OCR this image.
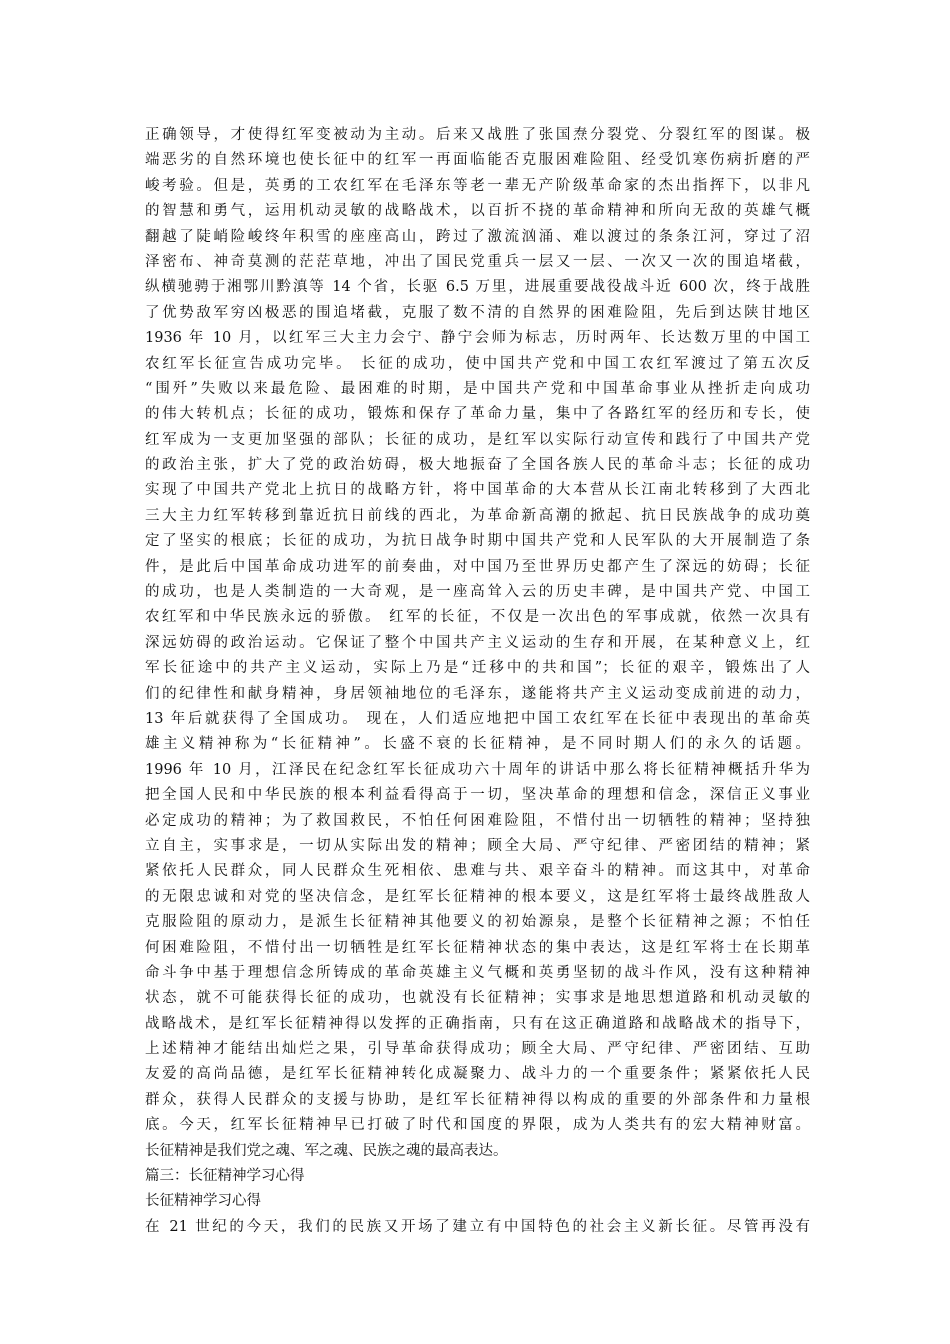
正确领导，才使得红军变被动为主动。后来又战胜了张国焘分裂党、分裂红军的图谋。极
端恶劣的自然环境也使长征中的红军一再面临能否克服困难险阻、经受饥寒伤病折磨的严
峻考验。但是，英勇的工农红军在毛泽东等老一辈无产阶级革命家的杰出指挥下，以非凡
的智慧和勇气，运用机动灵敏的战略战术，以百折不挠的革命精神和所向无敌的英雄气概
翻越了陡峭险峻终年积雪的座座高山，跨过了激流汹涌、难以渡过的条条江河，穿过了沼
泽密布、神奇莫测的茫茫草地，冲出了国民党重兵一层又一层、一次又一次的围追堵截，
纵横驰骋于湘鄂川黔滇等 14 个省，长驱 6.5 万里，进展重要战役战斗近 600 次，终于战胜
了优势敌军穷凶极恶的围追堵截，克服了数不清的自然界的困难险阻，先后到达陕甘地区
1936 年 10 月，以红军三大主力会宁、静宁会师为标志，历时两年、长达数万里的中国工
农红军长征宣告成功完毕。 长征的成功，使中国共产党和中国工农红军渡过了第五次反
“围歼”失败以来最危险、最困难的时期，是中国共产党和中国革命事业从挫折走向成功
的伟大转机点；长征的成功，锻炼和保存了革命力量，集中了各路红军的经历和专长，使
红军成为一支更加坚强的部队；长征的成功，是红军以实际行动宣传和践行了中国共产党
的政治主张，扩大了党的政治妨碍，极大地振奋了全国各族人民的革命斗志；长征的成功
实现了中国共产党北上抗日的战略方针，将中国革命的大本营从长江南北转移到了大西北
三大主力红军转移到靠近抗日前线的西北，为革命新高潮的掀起、抗日民族战争的成功奠
定了坚实的根底；长征的成功，为抗日战争时期中国共产党和人民军队的大开展制造了条
件，是此后中国革命成功进军的前奏曲，对中国乃至世界历史都产生了深远的妨碍；长征
的成功，也是人类制造的一大奇观，是一座高耸入云的历史丰碑，是中国共产党、中国工
农红军和中华民族永远的骄傲。 红军的长征，不仅是一次出色的军事成就，依然一次具有
深远妨碍的政治运动。它保证了整个中国共产主义运动的生存和开展，在某种意义上，红
军长征途中的共产主义运动，实际上乃是“迁移中的共和国”；长征的艰辛，锻炼出了人
们的纪律性和献身精神，身居领袖地位的毛泽东，遂能将共产主义运动变成前进的动力，
13 年后就获得了全国成功。 现在，人们适应地把中国工农红军在长征中表现出的革命英
雄主义精神称为“长征精神”。长盛不衰的长征精神，是不同时期人们的永久的话题。
1996 年 10 月，江泽民在纪念红军长征成功六十周年的讲话中那么将长征精神概括升华为
把全国人民和中华民族的根本利益看得高于一切，坚决革命的理想和信念，深信正义事业
必定成功的精神；为了救国救民，不怕任何困难险阻，不惜付出一切牺牲的精神；坚持独
立自主，实事求是，一切从实际出发的精神；顾全大局、严守纪律、严密团结的精神；紧
紧依托人民群众，同人民群众生死相依、患难与共、艰辛奋斗的精神。而这其中，对革命
的无限忠诚和对党的坚决信念，是红军长征精神的根本要义，这是红军将士最终战胜敌人
克服险阻的原动力，是派生长征精神其他要义的初始源泉，是整个长征精神之源；不怕任
何困难险阻，不惜付出一切牺牲是红军长征精神状态的集中表达，这是红军将士在长期革
命斗争中基于理想信念所铸成的革命英雄主义气概和英勇坚韧的战斗作风，没有这种精神
状态，就不可能获得长征的成功，也就没有长征精神；实事求是地思想道路和机动灵敏的
战略战术，是红军长征精神得以发挥的正确指南，只有在这正确道路和战略战术的指导下，
上述精神才能结出灿烂之果，引导革命获得成功；顾全大局、严守纪律、严密团结、互助
友爱的高尚品德，是红军长征精神转化成凝聚力、战斗力的一个重要条件；紧紧依托人民
群众，获得人民群众的支援与协助，是红军长征精神得以构成的重要的外部条件和力量根
底。今天，红军长征精神早已打破了时代和国度的界限，成为人类共有的宏大精神财富。
长征精神是我们党之魂、军之魂、民族之魂的最高表达。
篇三：长征精神学习心得
长征精神学习心得
在 21 世纪的今天，我们的民族又开场了建立有中国特色的社会主义新长征。尽管再没有
